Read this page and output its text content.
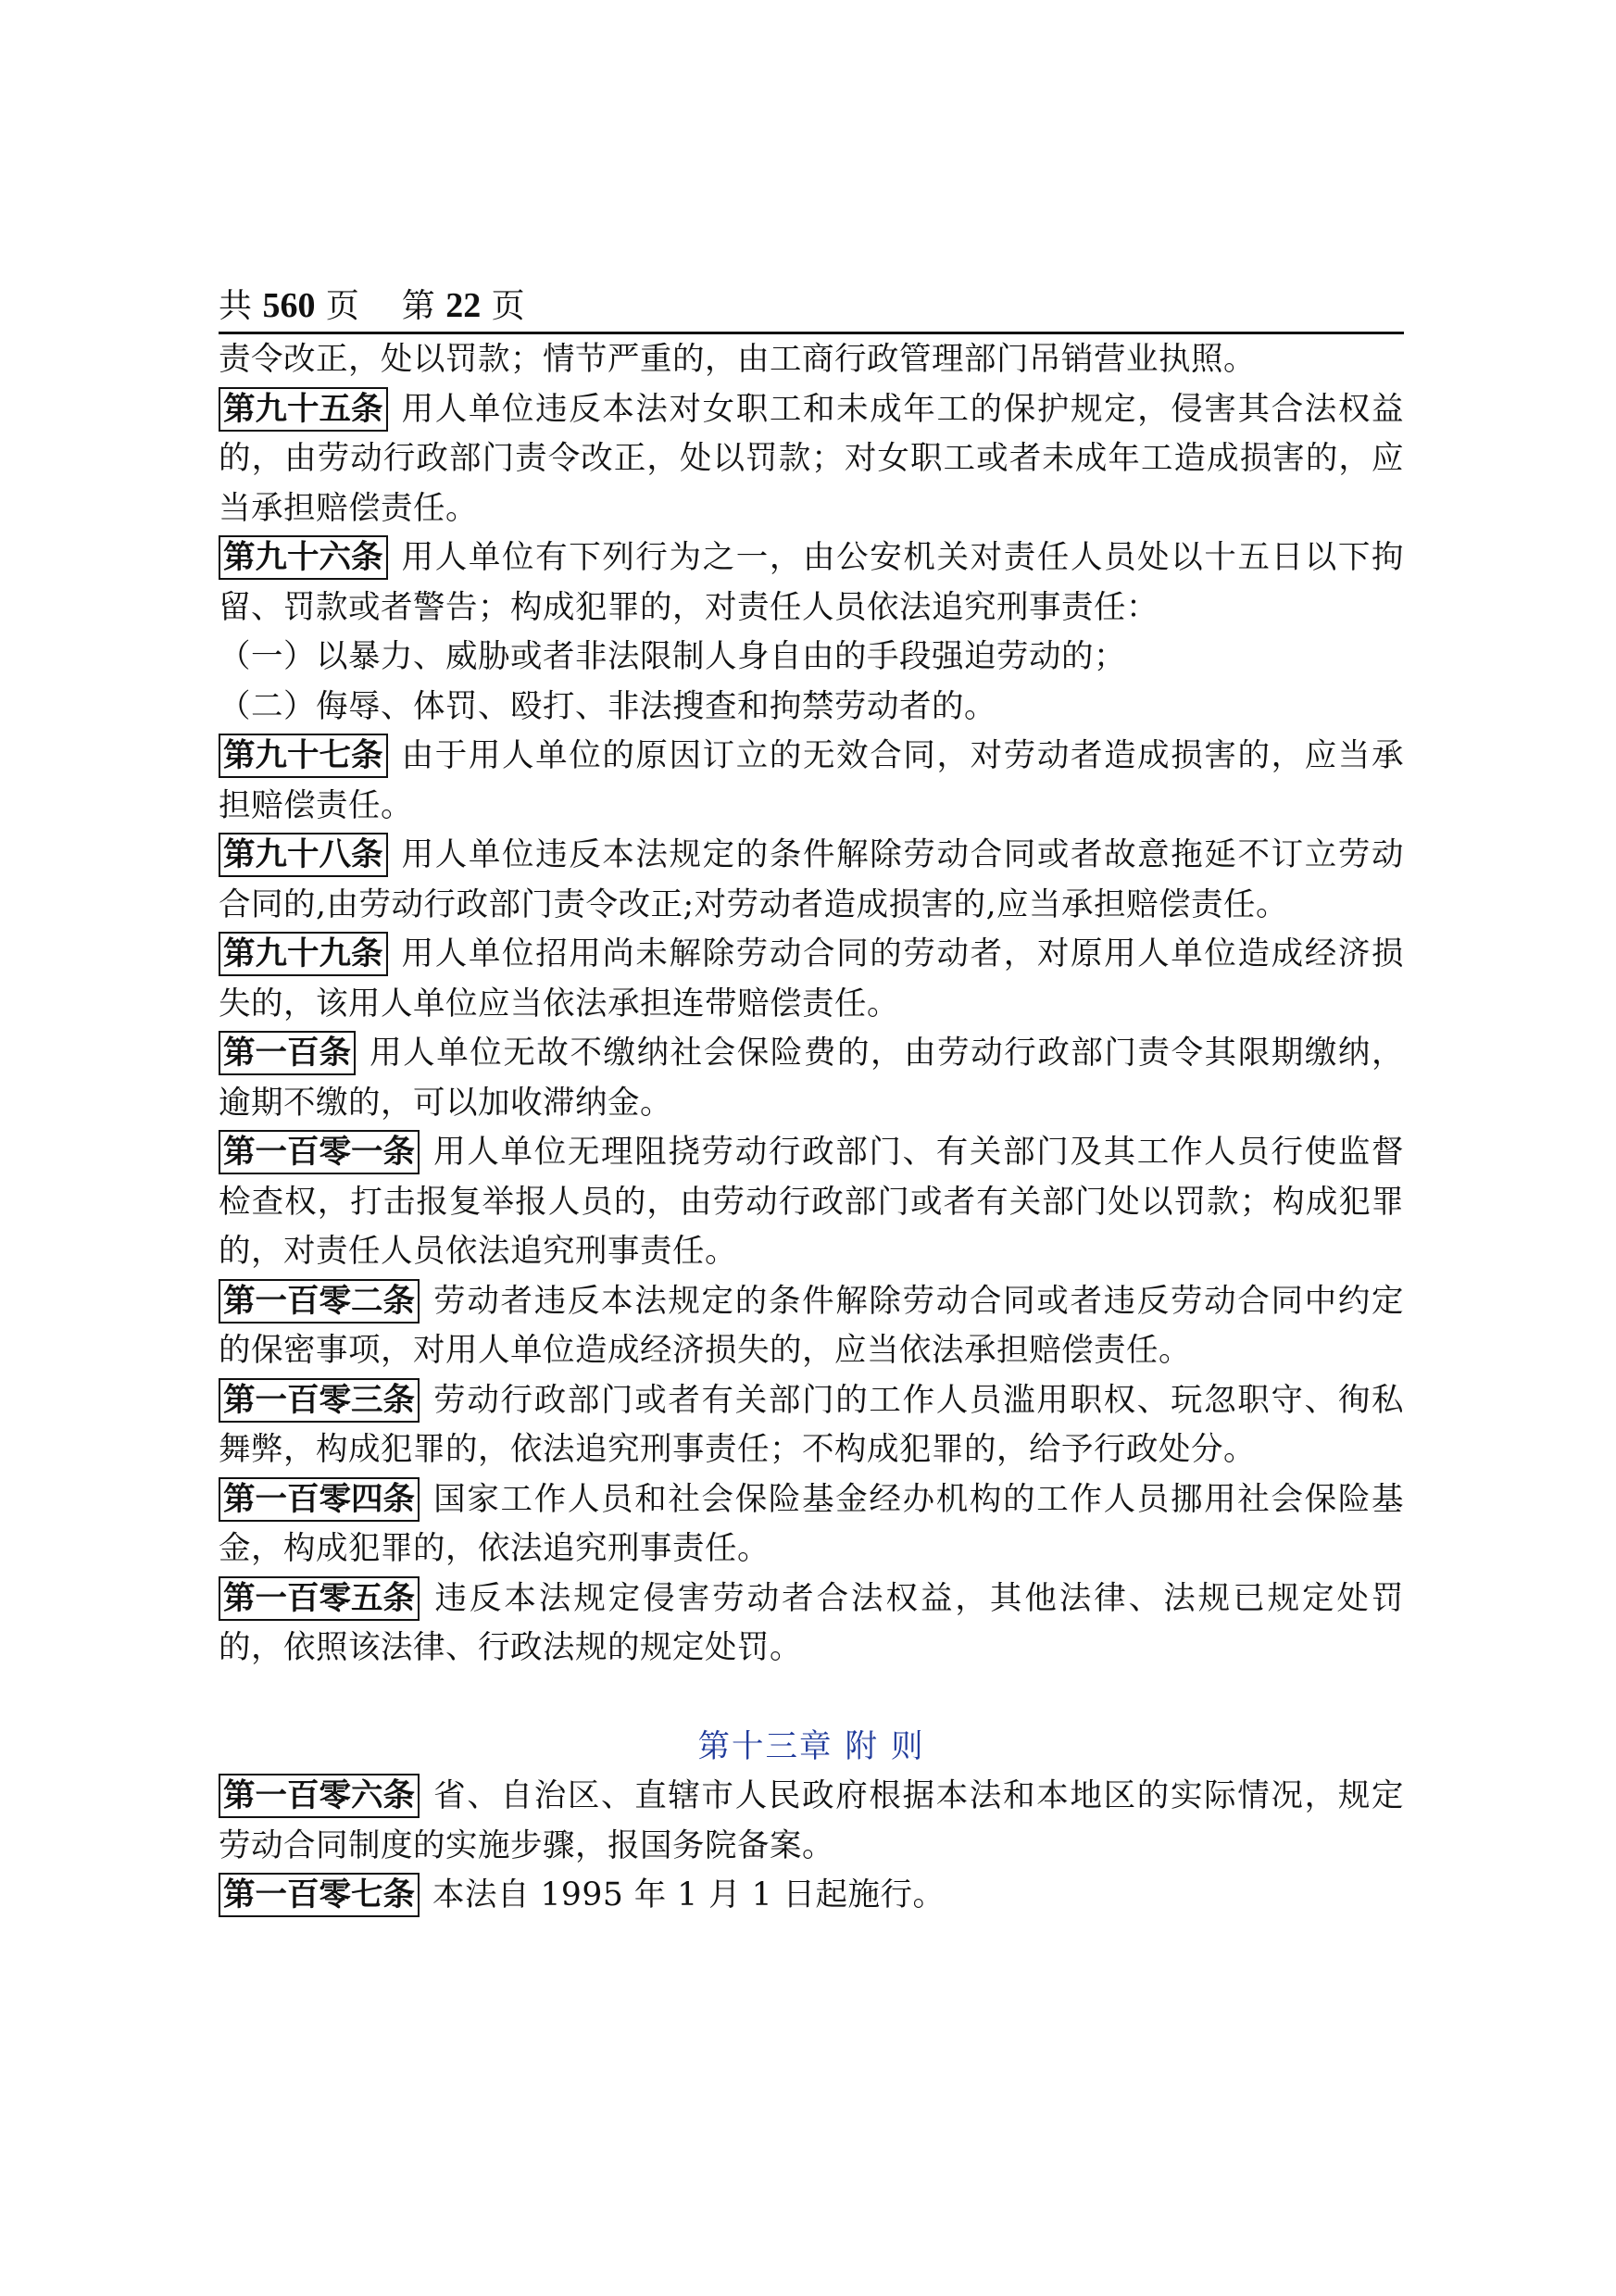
共 560 页 第 22 页

责令改正，处以罚款；情节严重的，由工商行政管理部门吊销营业执照。

第九十五条 用人单位违反本法对女职工和未成年工的保护规定，侵害其合法权益的，由劳动行政部门责令改正，处以罚款；对女职工或者未成年工造成损害的，应当承担赔偿责任。

第九十六条 用人单位有下列行为之一，由公安机关对责任人员处以十五日以下拘留、罚款或者警告；构成犯罪的，对责任人员依法追究刑事责任：

（一）以暴力、威胁或者非法限制人身自由的手段强迫劳动的；

（二）侮辱、体罚、殴打、非法搜查和拘禁劳动者的。

第九十七条 由于用人单位的原因订立的无效合同，对劳动者造成损害的，应当承担赔偿责任。

第九十八条 用人单位违反本法规定的条件解除劳动合同或者故意拖延不订立劳动合同的,由劳动行政部门责令改正;对劳动者造成损害的,应当承担赔偿责任。

第九十九条 用人单位招用尚未解除劳动合同的劳动者，对原用人单位造成经济损失的，该用人单位应当依法承担连带赔偿责任。

第一百条 用人单位无故不缴纳社会保险费的，由劳动行政部门责令其限期缴纳，逾期不缴的，可以加收滞纳金。

第一百零一条 用人单位无理阻挠劳动行政部门、有关部门及其工作人员行使监督检查权，打击报复举报人员的，由劳动行政部门或者有关部门处以罚款；构成犯罪的，对责任人员依法追究刑事责任。

第一百零二条 劳动者违反本法规定的条件解除劳动合同或者违反劳动合同中约定的保密事项，对用人单位造成经济损失的，应当依法承担赔偿责任。

第一百零三条 劳动行政部门或者有关部门的工作人员滥用职权、玩忽职守、徇私舞弊，构成犯罪的，依法追究刑事责任；不构成犯罪的，给予行政处分。

第一百零四条 国家工作人员和社会保险基金经办机构的工作人员挪用社会保险基金，构成犯罪的，依法追究刑事责任。

第一百零五条 违反本法规定侵害劳动者合法权益，其他法律、法规已规定处罚的，依照该法律、行政法规的规定处罚。

第十三章 附 则

第一百零六条 省、自治区、直辖市人民政府根据本法和本地区的实际情况，规定劳动合同制度的实施步骤，报国务院备案。

第一百零七条 本法自 1995 年 1 月 1 日起施行。
